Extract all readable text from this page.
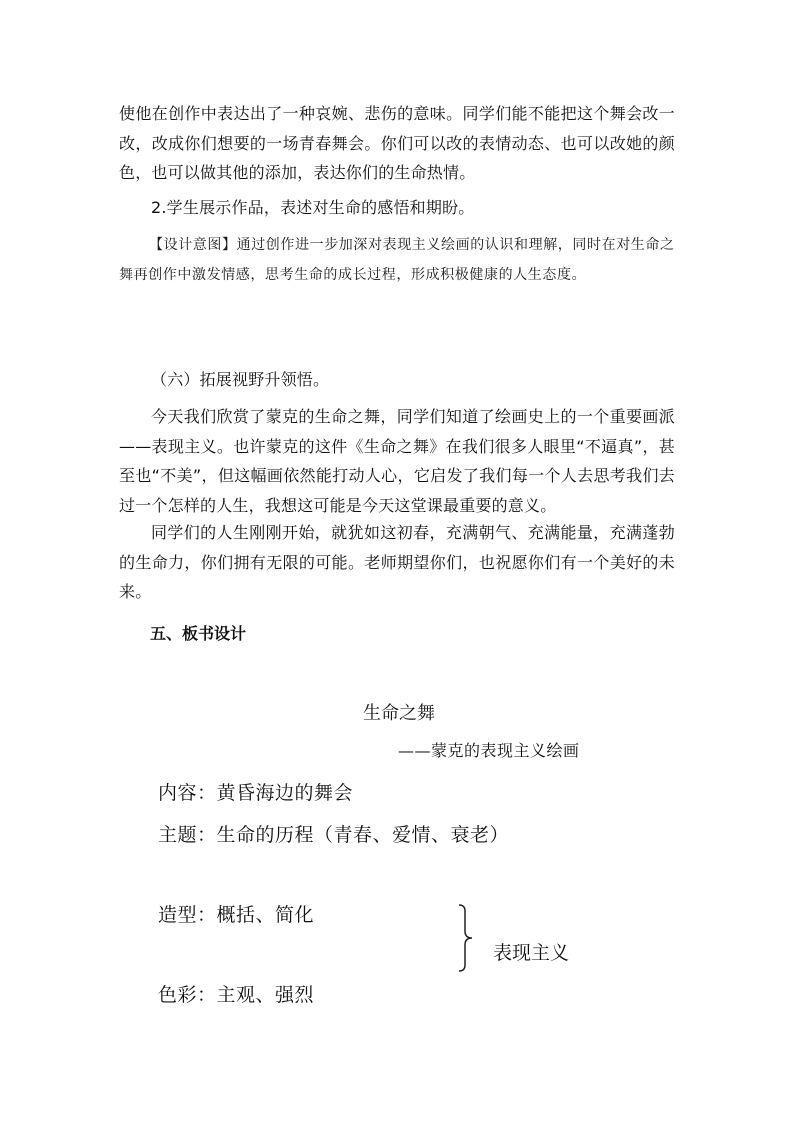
使他在创作中表达出了一种哀婉、悲伤的意味。同学们能不能把这个舞会改一改，改成你们想要的一场青春舞会。你们可以改的表情动态、也可以改她的颜色，也可以做其他的添加，表达你们的生命热情。
2.学生展示作品，表述对生命的感悟和期盼。
【设计意图】通过创作进一步加深对表现主义绘画的认识和理解，同时在对生命之舞再创作中激发情感，思考生命的成长过程，形成积极健康的人生态度。
（六）拓展视野升领悟。
今天我们欣赏了蒙克的生命之舞，同学们知道了绘画史上的一个重要画派——表现主义。也许蒙克的这件《生命之舞》在我们很多人眼里“不逼真”，甚至也“不美”，但这幅画依然能打动人心，它启发了我们每一个人去思考我们去过一个怎样的人生，我想这可能是今天这堂课最重要的意义。
同学们的人生刚刚开始，就犹如这初春，充满朝气、充满能量，充满蓬勃的生命力，你们拥有无限的可能。老师期望你们，也祝愿你们有一个美好的未来。
五、板书设计
生命之舞
——蒙克的表现主义绘画
内容：黄昏海边的舞会
主题：生命的历程（青春、爱情、衰老）
造型：概括、简化
色彩：主观、强烈
表现主义
